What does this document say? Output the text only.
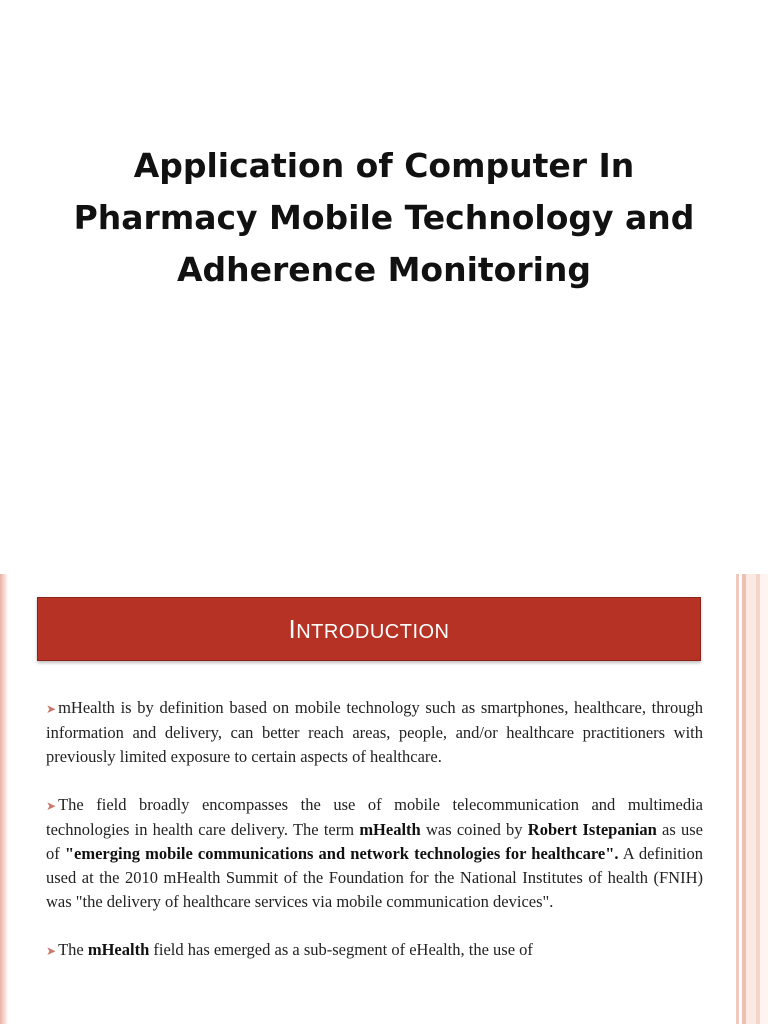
Application of Computer In
Pharmacy Mobile Technology and
Adherence Monitoring
INTRODUCTION

➤ mHealth is by definition based on mobile technology such as smartphones, healthcare, through information and delivery, can better reach areas, people, and/or healthcare practitioners with previously limited exposure to certain aspects of healthcare.

➤ The field broadly encompasses the use of mobile telecommunication and multimedia technologies in health care delivery. The term mHealth was coined by Robert Istepanian as use of "emerging mobile communications and network technologies for healthcare". A definition used at the 2010 mHealth Summit of the Foundation for the National Institutes of health (FNIH) was "the delivery of healthcare services via mobile communication devices".

➤ The mHealth field has emerged as a sub-segment of eHealth, the use of
